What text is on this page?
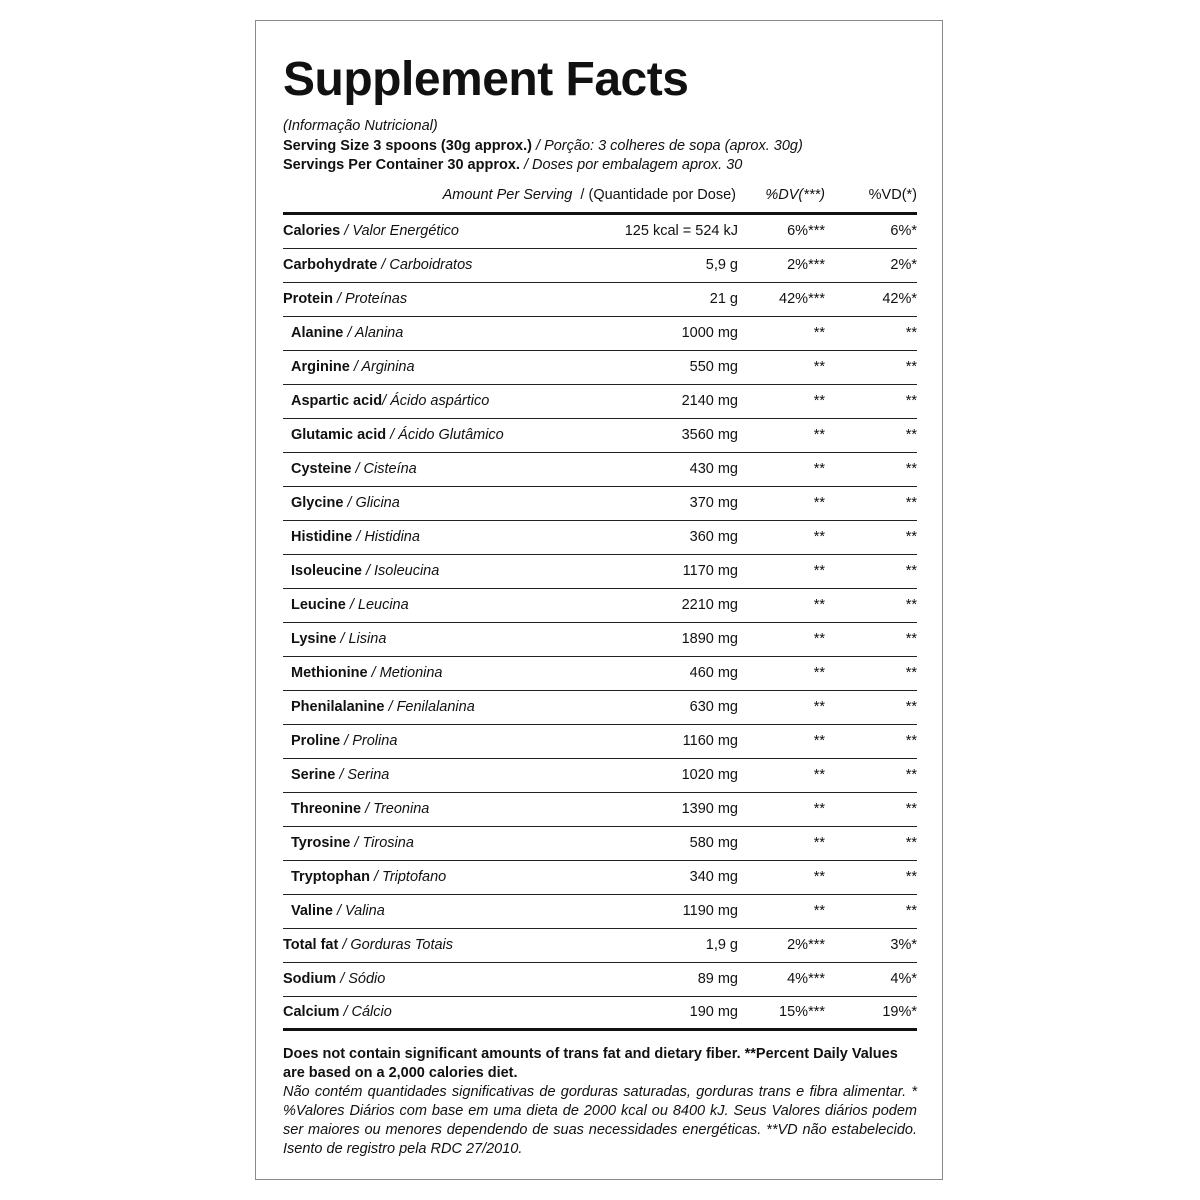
Supplement Facts
(Informação Nutricional)
Serving Size 3 spoons (30g approx.) / Porção: 3 colheres de sopa (aprox. 30g)
Servings Per Container 30 approx. / Doses por embalagem aprox. 30
Amount Per Serving  / (Quantidade por Dose)	%DV(***)	%VD(*)
Calories / Valor Energético	125 kcal = 524 kJ	6%***	6%*
Carbohydrate / Carboidratos	5,9 g	2%***	2%*
Protein / Proteínas	21 g	42%***	42%*
Alanine / Alanina	1000 mg	**	**
Arginine / Arginina	550 mg	**	**
Aspartic acid/ Ácido aspártico	2140 mg	**	**
Glutamic acid / Ácido Glutâmico	3560 mg	**	**
Cysteine / Cisteína	430 mg	**	**
Glycine / Glicina	370 mg	**	**
Histidine / Histidina	360 mg	**	**
Isoleucine / Isoleucina	1170 mg	**	**
Leucine / Leucina	2210 mg	**	**
Lysine / Lisina	1890 mg	**	**
Methionine / Metionina	460 mg	**	**
Phenilalanine / Fenilalanina	630 mg	**	**
Proline / Prolina	1160 mg	**	**
Serine / Serina	1020 mg	**	**
Threonine / Treonina	1390 mg	**	**
Tyrosine / Tirosina	580 mg	**	**
Tryptophan / Triptofano	340 mg	**	**
Valine / Valina	1190 mg	**	**
Total fat / Gorduras Totais	1,9 g	2%***	3%*
Sodium / Sódio	89 mg	4%***	4%*
Calcium / Cálcio	190 mg	15%***	19%*
Does not contain significant amounts of trans fat and dietary fiber. **Percent Daily Values are based on a 2,000 calories diet.
Não contém quantidades significativas de gorduras saturadas, gorduras trans e fibra alimentar. * %Valores Diários com base em uma dieta de 2000 kcal ou 8400 kJ. Seus Valores diários podem ser maiores ou menores dependendo de suas necessidades energéticas. **VD não estabelecido. Isento de registro pela RDC 27/2010.
